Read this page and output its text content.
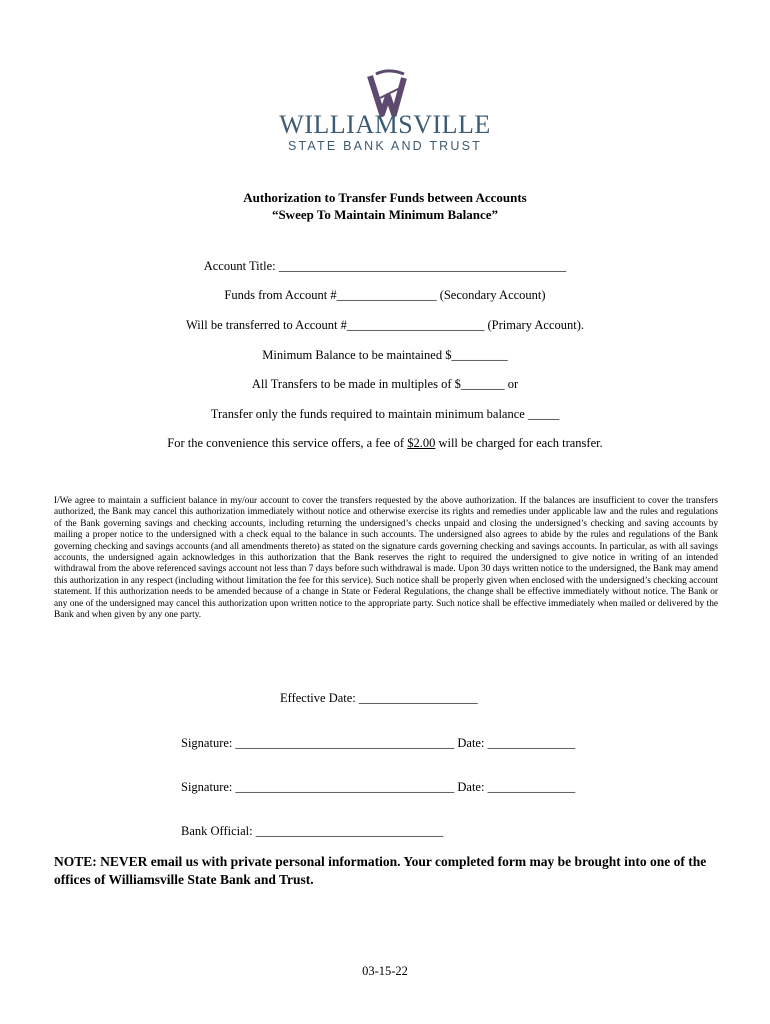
WILLIAMSVILLE
STATE BANK AND TRUST
Authorization to Transfer Funds between Accounts
“Sweep To Maintain Minimum Balance”
Account Title: ______________________________________________
Funds from Account #________________ (Secondary Account)
Will be transferred to Account #______________________ (Primary Account).
Minimum Balance to be maintained $_________
All Transfers to be made in multiples of $_______ or
Transfer only the funds required to maintain minimum balance _____
For the convenience this service offers, a fee of $2.00 will be charged for each transfer.
I/We agree to maintain a sufficient balance in my/our account to cover the transfers requested by the above authorization. If the balances are insufficient to cover the transfers authorized, the Bank may cancel this authorization immediately without notice and otherwise exercise its rights and remedies under applicable law and the rules and regulations of the Bank governing savings and checking accounts, including returning the undersigned’s checks unpaid and closing the undersigned’s checking and saving accounts by mailing a proper notice to the undersigned with a check equal to the balance in such accounts. The undersigned also agrees to abide by the rules and regulations of the Bank governing checking and savings accounts (and all amendments thereto) as stated on the signature cards governing checking and savings accounts. In particular, as with all savings accounts, the undersigned again acknowledges in this authorization that the Bank reserves the right to required the undersigned to give notice in writing of an intended withdrawal from the above referenced savings account not less than 7 days before such withdrawal is made. Upon 30 days written notice to the undersigned, the Bank may amend this authorization in any respect (including without limitation the fee for this service). Such notice shall be properly given when enclosed with the undersigned’s checking account statement. If this authorization needs to be amended because of a change in State or Federal Regulations, the change shall be effective immediately without notice. The Bank or any one of the undersigned may cancel this authorization upon written notice to the appropriate party. Such notice shall be effective immediately when mailed or delivered by the Bank and when given by any one party.
Effective Date: ___________________
Signature: ___________________________________ Date: ______________
Signature: ___________________________________ Date: ______________
Bank Official: ______________________________
NOTE: NEVER email us with private personal information. Your completed form may be brought into one of the offices of Williamsville State Bank and Trust.
03-15-22
